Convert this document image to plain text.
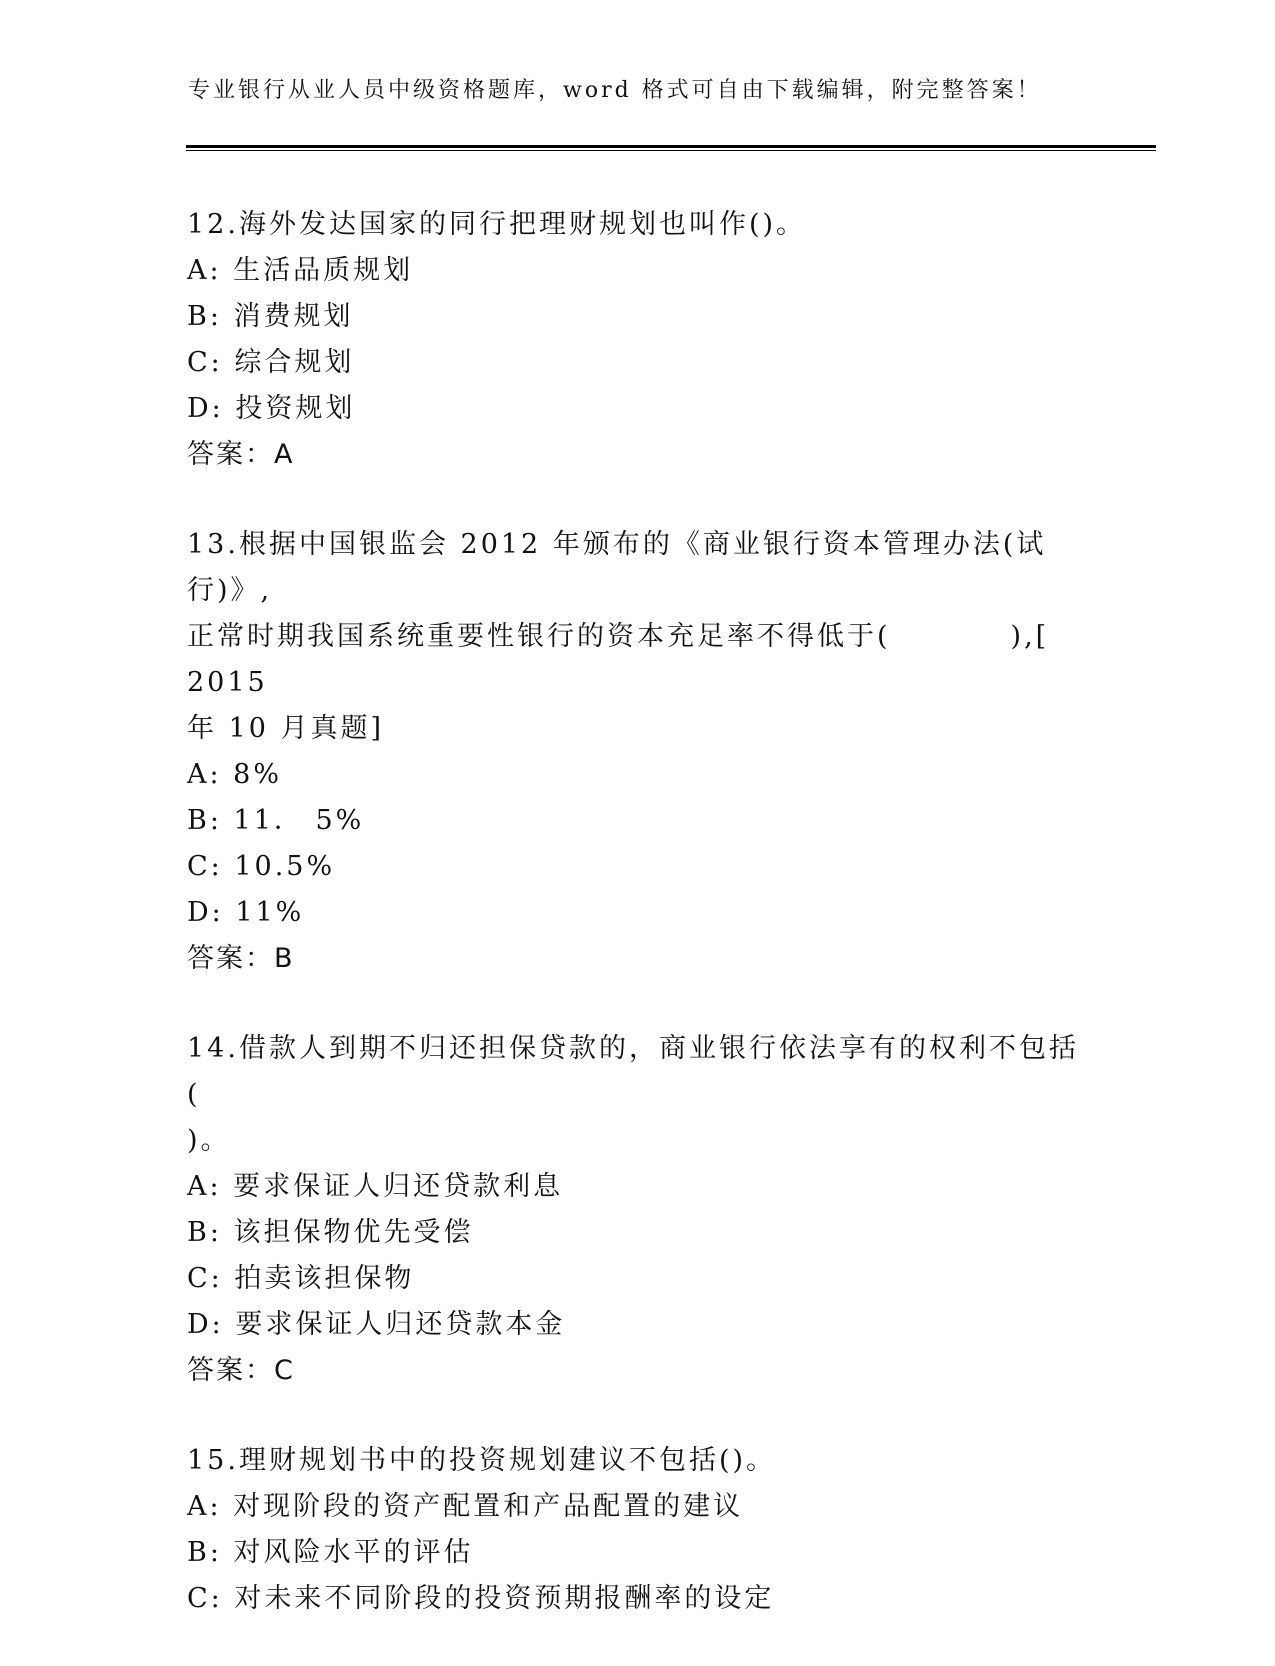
专业银行从业人员中级资格题库，word 格式可自由下载编辑，附完整答案！

12.海外发达国家的同行把理财规划也叫作()。

A: 生活品质规划

B: 消费规划

C: 综合规划

D: 投资规划

答案：A

13.根据中国银监会 2012 年颁布的《商业银行资本管理办法(试行)》,

正常时期我国系统重要性银行的资本充足率不得低于(　　　　),[ 2015

年 10 月真题]

A: 8%

B: 11． 5%

C: 10.5%

D: 11%

答案：B

14.借款人到期不归还担保贷款的，商业银行依法享有的权利不包括(

)。

A: 要求保证人归还贷款利息

B: 该担保物优先受偿

C: 拍卖该担保物

D: 要求保证人归还贷款本金

答案：C

15.理财规划书中的投资规划建议不包括()。

A: 对现阶段的资产配置和产品配置的建议

B: 对风险水平的评估

C: 对未来不同阶段的投资预期报酬率的设定
